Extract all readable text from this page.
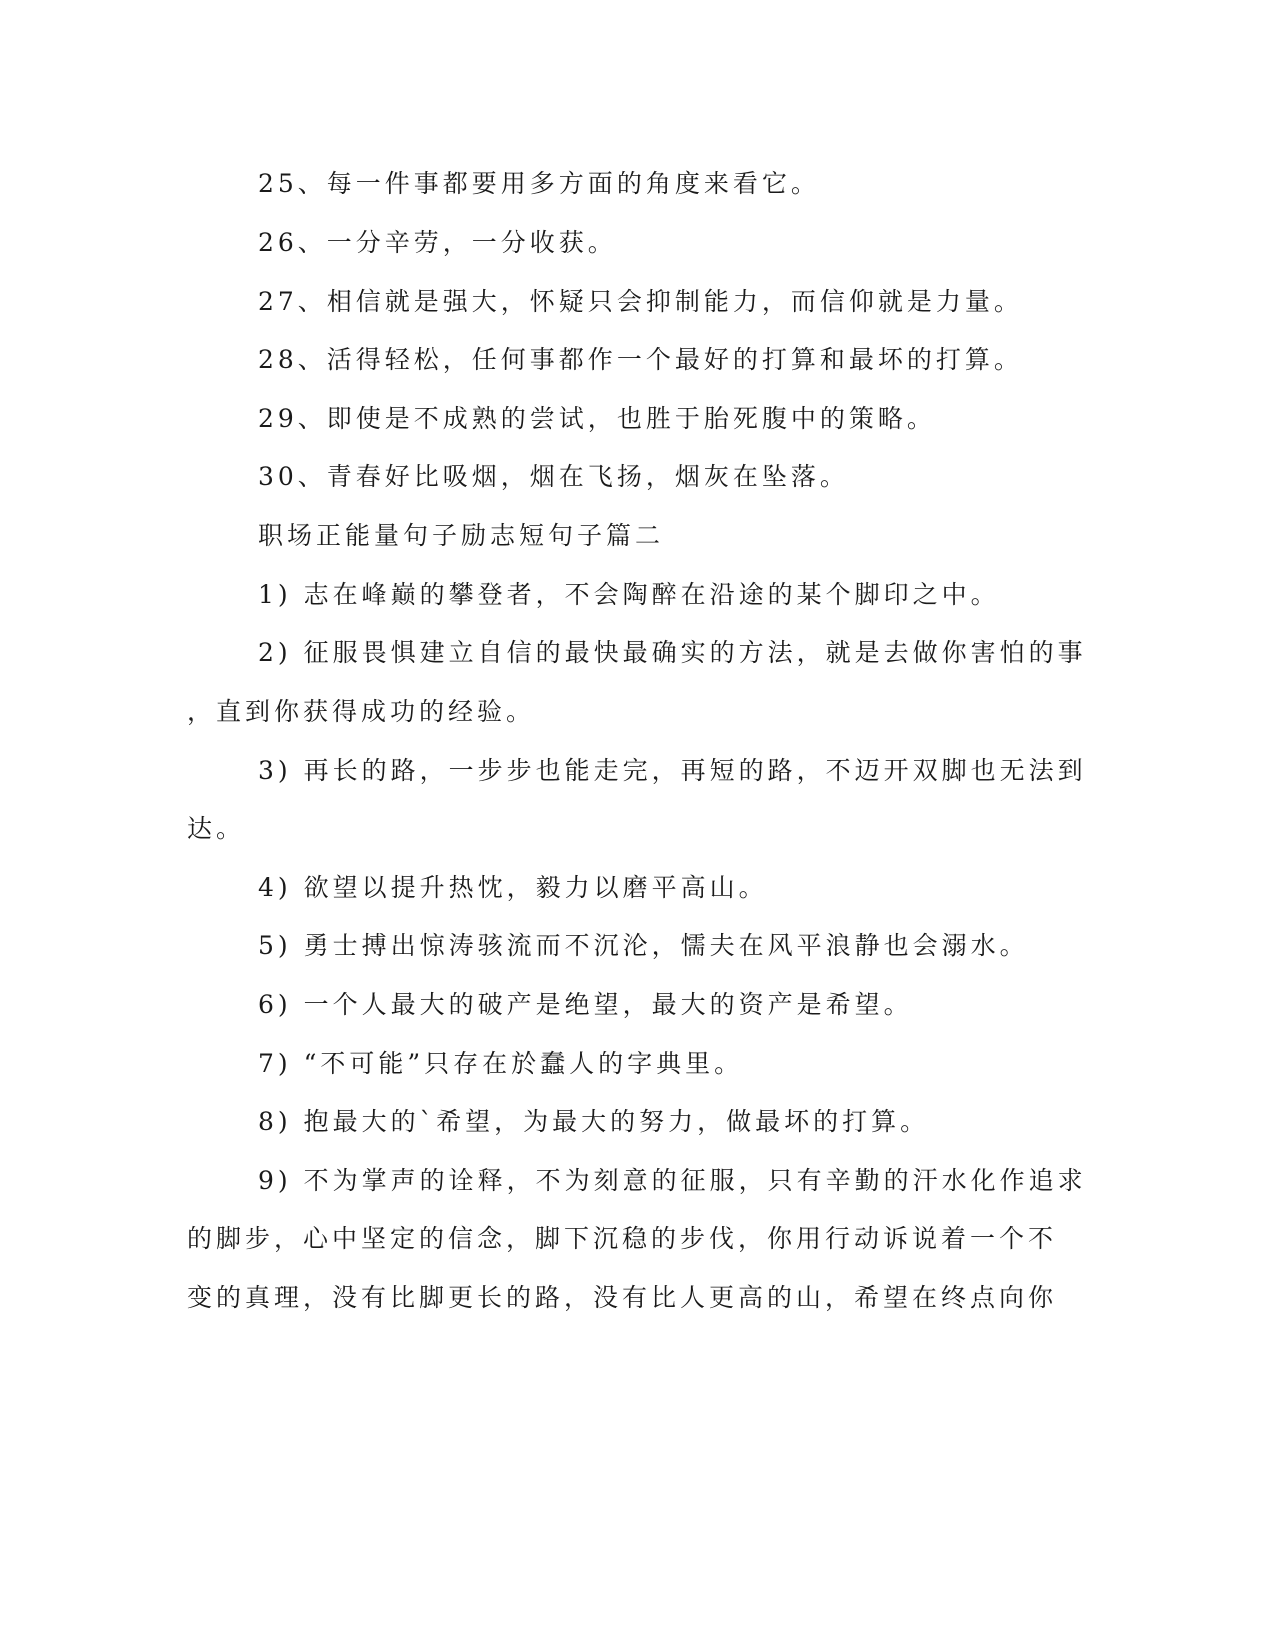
25、每一件事都要用多方面的角度来看它。
26、一分辛劳，一分收获。
27、相信就是强大，怀疑只会抑制能力，而信仰就是力量。
28、活得轻松，任何事都作一个最好的打算和最坏的打算。
29、即使是不成熟的尝试，也胜于胎死腹中的策略。
30、青春好比吸烟，烟在飞扬，烟灰在坠落。
职场正能量句子励志短句子篇二
1) 志在峰巅的攀登者，不会陶醉在沿途的某个脚印之中。
2) 征服畏惧建立自信的最快最确实的方法，就是去做你害怕的事
，直到你获得成功的经验。
3) 再长的路，一步步也能走完，再短的路，不迈开双脚也无法到
达。
4) 欲望以提升热忱，毅力以磨平高山。
5) 勇士搏出惊涛骇流而不沉沦，懦夫在风平浪静也会溺水。
6) 一个人最大的破产是绝望，最大的资产是希望。
7) “不可能”只存在於蠢人的字典里。
8) 抱最大的`希望，为最大的努力，做最坏的打算。
9) 不为掌声的诠释，不为刻意的征服，只有辛勤的汗水化作追求
的脚步，心中坚定的信念，脚下沉稳的步伐，你用行动诉说着一个不
变的真理，没有比脚更长的路，没有比人更高的山，希望在终点向你
